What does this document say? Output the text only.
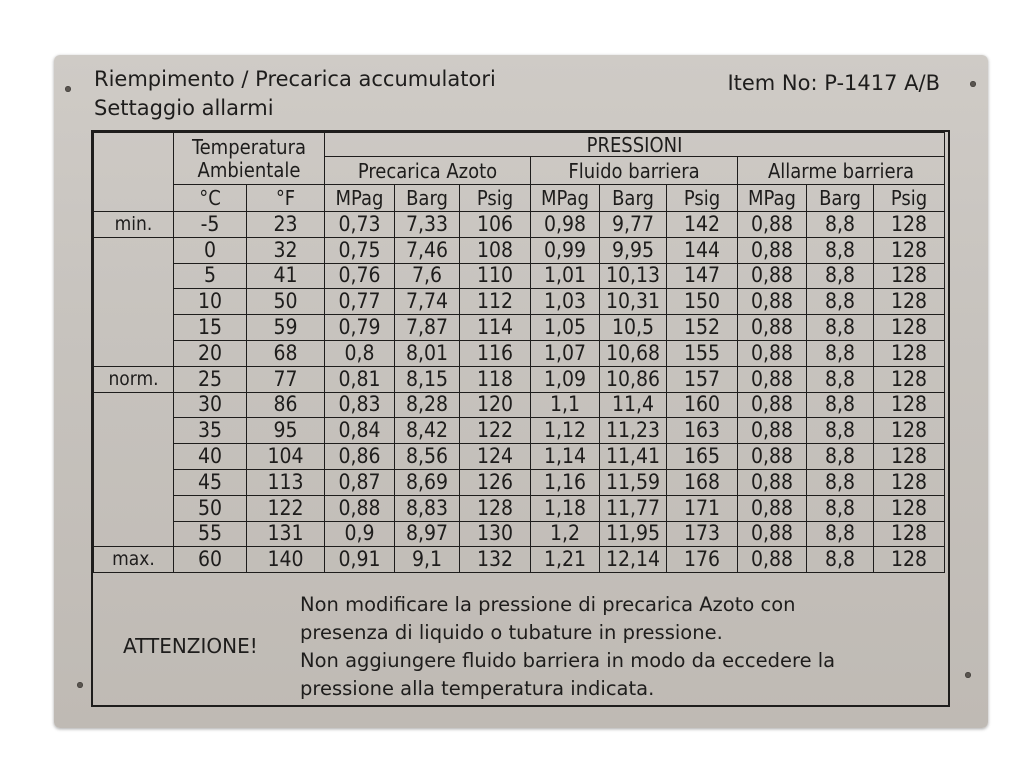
Riempimento / Precarica accumulatori
Settaggio allarmi
Item No: P-1417 A/B
	Temperatura Ambientale		PRESSIONI								
			Precarica Azoto			Fluido barriera			Allarme barriera		
	°C	°F	MPag	Barg	Psig	MPag	Barg	Psig	MPag	Barg	Psig

min.	-5	23	0,73	7,33	106	0,98	9,77	142	0,88	8,8	128
	0	32	0,75	7,46	108	0,99	9,95	144	0,88	8,8	128
	5	41	0,76	7,6	110	1,01	10,13	147	0,88	8,8	128
	10	50	0,77	7,74	112	1,03	10,31	150	0,88	8,8	128
	15	59	0,79	7,87	114	1,05	10,5	152	0,88	8,8	128
	20	68	0,8	8,01	116	1,07	10,68	155	0,88	8,8	128
norm.	25	77	0,81	8,15	118	1,09	10,86	157	0,88	8,8	128
	30	86	0,83	8,28	120	1,1	11,4	160	0,88	8,8	128
	35	95	0,84	8,42	122	1,12	11,23	163	0,88	8,8	128
	40	104	0,86	8,56	124	1,14	11,41	165	0,88	8,8	128
	45	113	0,87	8,69	126	1,16	11,59	168	0,88	8,8	128
	50	122	0,88	8,83	128	1,18	11,77	171	0,88	8,8	128
	55	131	0,9	8,97	130	1,2	11,95	173	0,88	8,8	128
max.	60	140	0,91	9,1	132	1,21	12,14	176	0,88	8,8	128
ATTENZIONE!
Non modificare la pressione di precarica Azoto con
presenza di liquido o tubature in pressione.
Non aggiungere fluido barriera in modo da eccedere la
pressione alla temperatura indicata.
